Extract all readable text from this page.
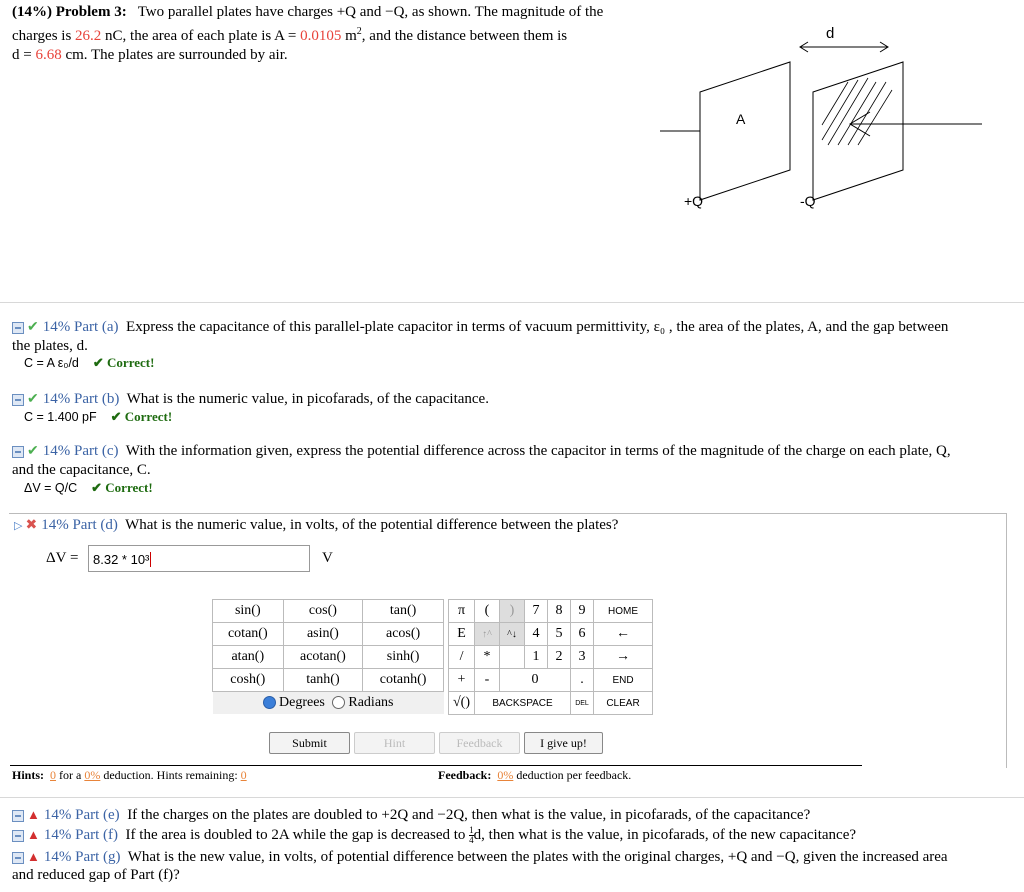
(14%) Problem 3: Two parallel plates have charges +Q and −Q, as shown. The magnitude of the
charges is 26.2 nC, the area of each plate is A = 0.0105 $m^2$, and the distance between them is
d = 6.68 cm. The plates are surrounded by air.
d
A
+Q	-Q
✔ 14% Part (a) Express the capacitance of this parallel-plate capacitor in terms of vacuum permittivity, ε₀ , the area of the plates, A, and the gap between
the plates, d.
C = A ε₀/d ✔ Correct!
✔ 14% Part (b) What is the numeric value, in picofarads, of the capacitance.
C = 1.400 pF ✔ Correct!
✔ 14% Part (c) With the information given, express the potential difference across the capacitor in terms of the magnitude of the charge on each plate, Q,
and the capacitance, C.
ΔV = Q/C ✔ Correct!
▷ ✖ 14% Part (d) What is the numeric value, in volts, of the potential difference between the plates?
ΔV =	8.32 * 10³	V
sin()	cos()	tan()
cotan()	asin()	acos()
atan()	acotan()	sinh()
cosh()	tanh()	cotanh()
Degrees Radians		
π	(	)	7	8	9	HOME
E	↑^	^↓	4	5	6	←
/	*		1	2	3	→
+	-	0			.	END
√()	BACKSPACE				DEL	CLEAR
Submit	Hint	Feedback	I give up!
Hints: 0 for a 0% deduction. Hints remaining: 0	Feedback: 0% deduction per feedback.
▲ 14% Part (e) If the charges on the plates are doubled to +2Q and −2Q, then what is the value, in picofarads, of the capacitance?
▲ 14% Part (f) If the area is doubled to 2A while the gap is decreased to $\frac{1}{4} d$, then what is the value, in picofarads, of the new capacitance?
▲ 14% Part (g) What is the new value, in volts, of potential difference between the plates with the original charges, +Q and −Q, given the increased area
and reduced gap of Part (f)?
